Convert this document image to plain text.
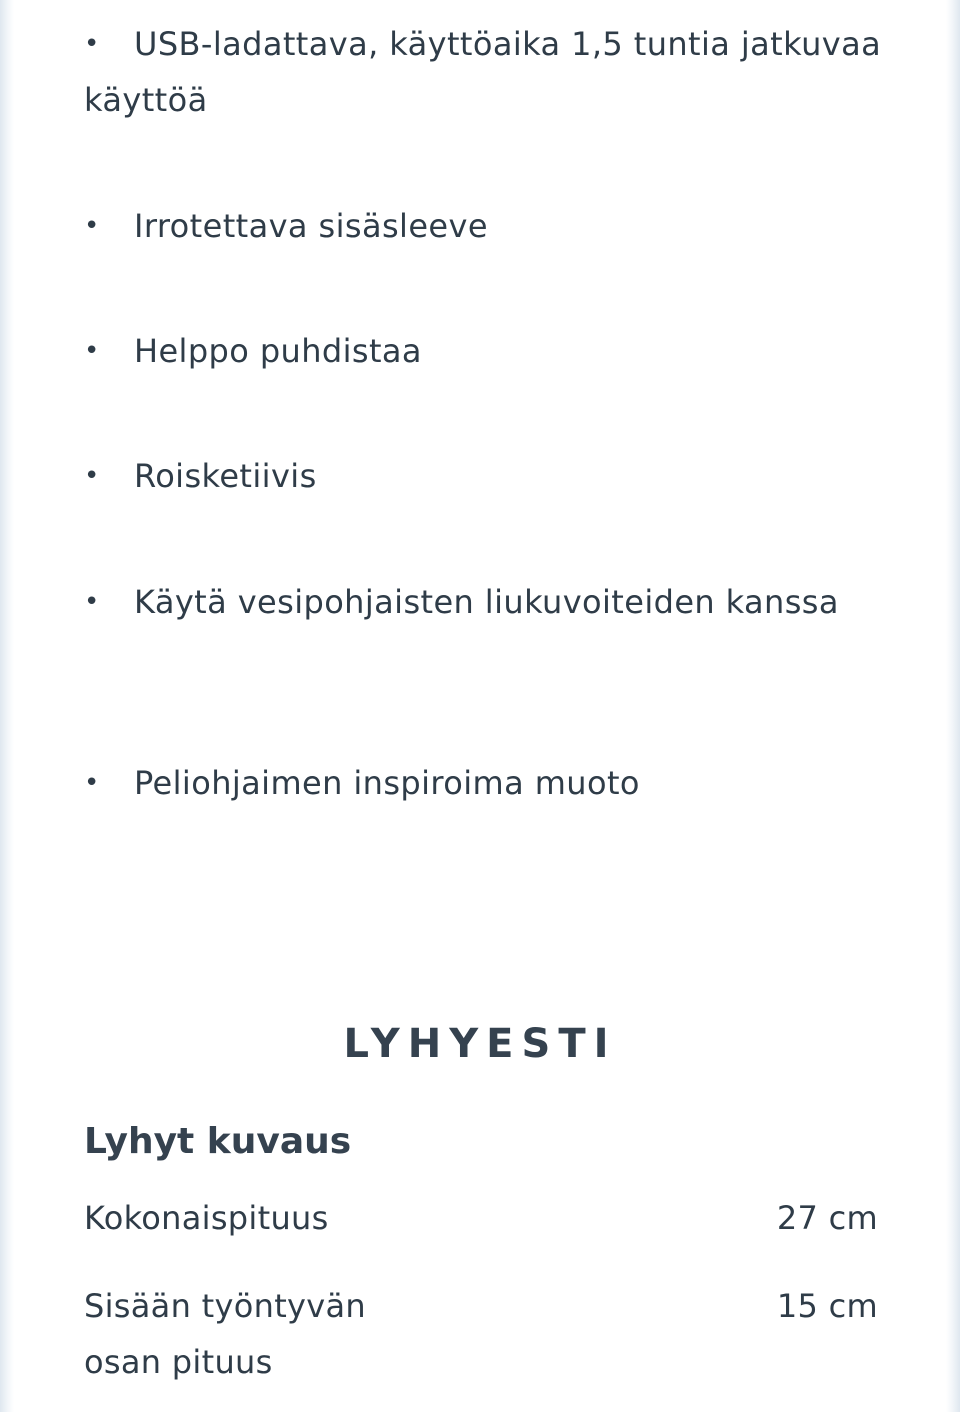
• USB-ladattava, käyttöaika 1,5 tuntia jatkuvaa käyttöä
• Irrotettava sisäsleeve
• Helppo puhdistaa
• Roisketiivis
• Käytä vesipohjaisten liukuvoiteiden kanssa
• Peliohjaimen inspiroima muoto
LYHYESTI
Lyhyt kuvaus
Kokonaispituus	27 cm
Sisään työntyvän osan pituus
15 cm
